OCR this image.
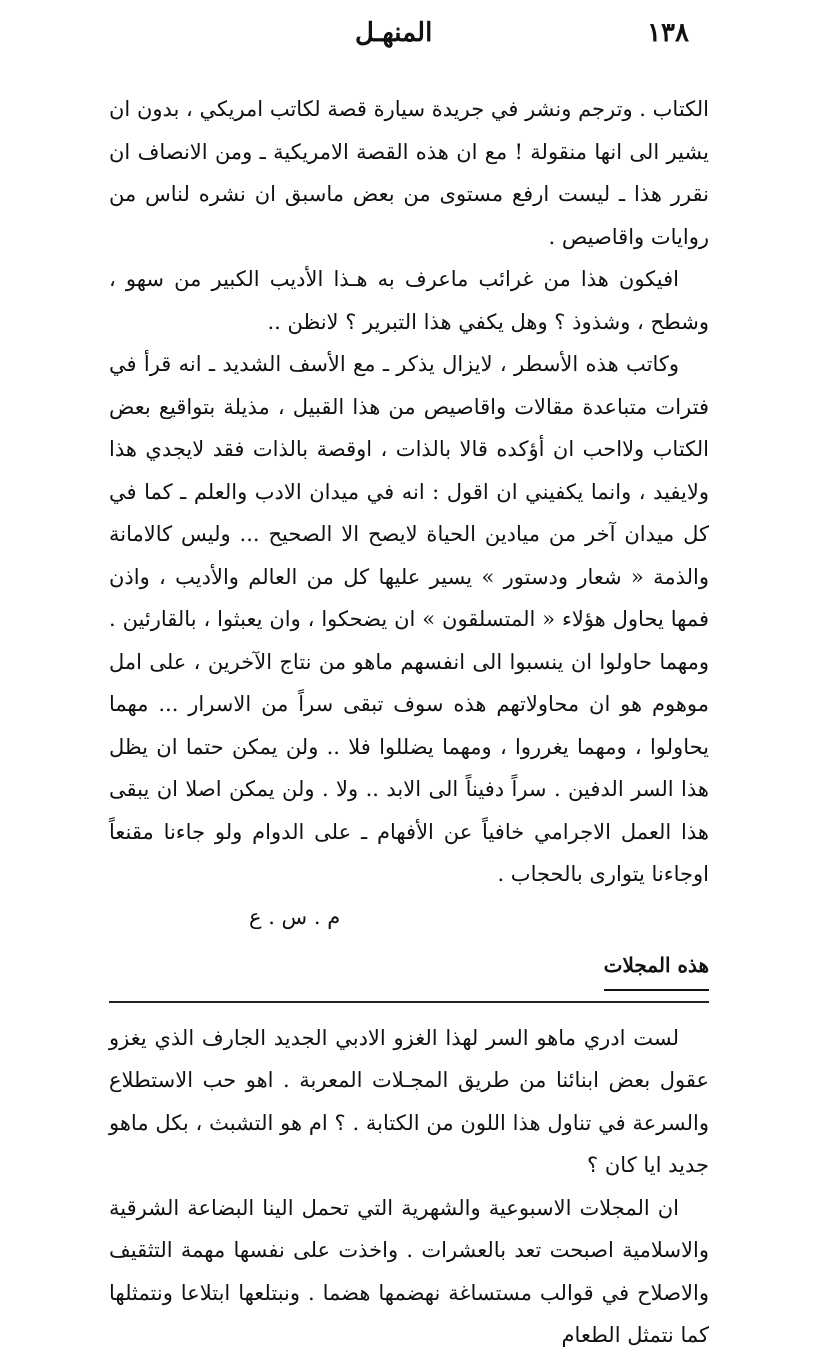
١٣٨
المنهـل

الكتاب . وترجم ونشر في جريدة سيارة قصة لكاتب امريكي ، بدون ان يشير الى انها منقولة ! مع ان هذه القصة الامريكية ـ ومن الانصاف ان نقرر هذا ـ ليست ارفع مستوى من بعض ماسبق ان نشره لناس من روايات واقاصيص .

افيكون هذا من غرائب ماعرف به هـذا الأديب الكبير من سهو ، وشطح ، وشذوذ ؟ وهل يكفي هذا التبرير ؟ لانظن ..

وكاتب هذه الأسطر ، لايزال يذكر ـ مع الأسف الشديد ـ انه قرأ في فترات متباعدة مقالات واقاصيص من هذا القبيل ، مذيلة بتواقيع بعض الكتاب ولااحب ان أؤكده قالا بالذات ، اوقصة بالذات فقد لايجدي هذا ولايفيد ، وانما يكفيني ان اقول : انه في ميدان الادب والعلم ـ كما في كل ميدان آخر من ميادين الحياة لايصح الا الصحيح ... وليس كالامانة والذمة « شعار ودستور » يسير عليها كل من العالم والأديب ، واذن فمها يحاول هؤلاء « المتسلقون » ان يضحكوا ، وان يعبثوا ، بالقارئين . ومهما حاولوا ان ينسبوا الى انفسهم ماهو من نتاج الآخرين ، على امل موهوم هو ان محاولاتهم هذه سوف تبقى سراً من الاسرار ... مهما يحاولوا ، ومهما يغرروا ، ومهما يضللوا فلا .. ولن يمكن حتما ان يظل هذا السر الدفين . سراً دفيناً الى الابد .. ولا . ولن يمكن اصلا ان يبقى هذا العمل الاجرامي خافياً عن الأفهام ـ على الدوام ولو جاءنا مقنعاً اوجاءنا يتوارى بالحجاب .

م . س . ع

هذه المجلات

لست ادري ماهو السر لهذا الغزو الادبي الجديد الجارف الذي يغزو عقول بعض ابنائنا من طريق المجـلات المعربة . اهو حب الاستطلاع والسرعة في تناول هذا اللون من الكتابة . ؟ ام هو التشبث ، بكل ماهو جديد ايا كان ؟

ان المجلات الاسبوعية والشهرية التي تحمل الينا البضاعة الشرقية والاسلامية اصبحت تعد بالعشرات . واخذت على نفسها مهمة التثقيف والاصلاح في قوالب مستساغة نهضمها هضما . ونبتلعها ابتلاعا ونتمثلها كما نتمثل الطعام
